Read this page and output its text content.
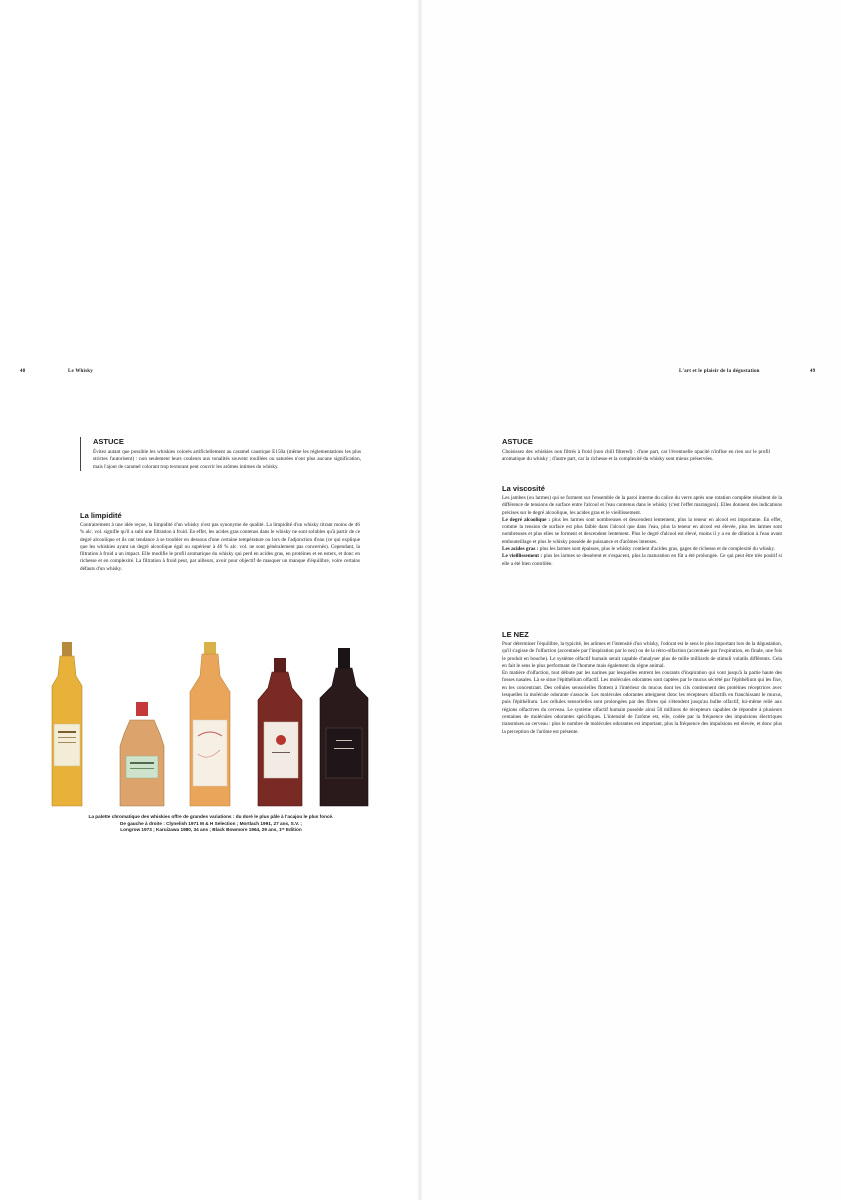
48	Le Whisky	L'art et le plaisir de la dégustation	49

ASTUCE

Évitez autant que possible les whiskies colorés artificiellement au caramel caustique E150a (même les réglementations les plus strictes l'autorisent) : non seulement leurs couleurs aux tonalités souvent rouillées ou saturées n'ont plus aucune signification, mais l'ajout de caramel colorant trop texturant peut couvrir les arômes intimes du whisky.

La limpidité

Contrairement à une idée reçue, la limpidité d'un whisky n'est pas synonyme de qualité. La limpidité d'un whisky titrant moins de 46 % alc. vol. signifie qu'il a subi une filtration à froid. En effet, les acides gras contenus dans le whisky ne sont solubles qu'à partir de ce degré alcoolique et ils ont tendance à se troubler en dessous d'une certaine température ou lors de l'adjonction d'eau (ce qui explique que les whiskies ayant un degré alcoolique égal ou supérieur à 46 % alc. vol. ne sont généralement pas concernés). Cependant, la filtration à froid a un impact. Elle modifie le profil aromatique du whisky qui perd en acides gras, en protéines et en esters, et donc en richesse et en complexité. La filtration à froid peut, par ailleurs, avoir pour objectif de masquer un manque d'équilibre, voire certains défauts d'un whisky.

La palette chromatique des whiskies offre de grandes variations : du doré le plus pâle à l'acajou le plus foncé.
De gauche à droite : Clynelish 1971 M & H Selection ; Mortlach 1991, 27 ans, S.V. ;
Longrow 1973 ; Karuizawa 1980, 34 ans ; Black Bowmore 1964, 29 ans, 1ʳᵉ Edition

ASTUCE

Choisissez des whiskies non filtrés à froid (non chill filtered) : d'une part, car l'éventuelle opacité n'influe en rien sur le profil aromatique du whisky ; d'autre part, car la richesse et la complexité du whisky sont mieux préservées.

La viscosité

Les jambes (ou larmes) qui se forment sur l'ensemble de la paroi interne du calice du verre après une rotation complète résultent de la différence de tensions de surface entre l'alcool et l'eau contenus dans le whisky (c'est l'effet marangoni). Elles donnent des indications précises sur le degré alcoolique, les acides gras et le vieillissement.

Le degré alcoolique : plus les larmes sont nombreuses et descendent lentement, plus la teneur en alcool est importante. En effet, comme la tension de surface est plus faible dans l'alcool que dans l'eau, plus la teneur en alcool est élevée, plus les larmes sont nombreuses et plus elles se forment et descendent lentement. Plus le degré d'alcool est élevé, moins il y a eu de dilution à l'eau avant embouteillage et plus le whisky possède de puissance et d'arômes intenses.

Les acides gras : plus les larmes sont épaisses, plus le whisky contient d'acides gras, gages de richesse et de complexité du whisky.

Le vieillissement : plus les larmes se dessèrent et s'espacent, plus la maturation en fût a été prolongée. Ce qui peut être très positif si elle a été bien contrôlée.

LE NEZ

Pour déterminer l'équilibre, la typicité, les arômes et l'intensité d'un whisky, l'odorat est le sens le plus important lors de la dégustation, qu'il s'agisse de l'olfaction (accentuée par l'inspiration par le nez) ou de la rétro-olfaction (accentuée par l'expiration, en finale, une fois le produit en bouche). Le système olfactif humain serait capable d'analyser plus de mille milliards de stimuli volatils différents. Cela en fait le sens le plus performant de l'homme mais également du règne animal.

En matière d'olfaction, tout débute par les narines par lesquelles entrent les courants d'inspiration qui vont jusqu'à la partie haute des fosses nasales. Là se situe l'épithélium olfactif. Les molécules odorantes sont captées par le mucus sécrété par l'épithélium qui les fixe, en les concentrant. Des cellules sensorielles flottent à l'intérieur du mucus dont les cils contiennent des protéines réceptrices avec lesquelles la molécule odorante s'associe. Les molécules odorantes atteignent donc les récepteurs olfactifs en franchissant le mucus, puis l'épithélium. Les cellules sensorielles sont prolongées par des fibres qui s'étendent jusqu'au bulbe olfactif, lui-même relié aux régions olfactives du cerveau. Le système olfactif humain possède ainsi 50 millions de récepteurs capables de répondre à plusieurs centaines de molécules odorantes spécifiques. L'intensité de l'arôme est, elle, codée par la fréquence des impulsions électriques transmises au cerveau : plus le nombre de molécules odorantes est important, plus la fréquence des impulsions est élevée, et donc plus la perception de l'arôme est présente.
